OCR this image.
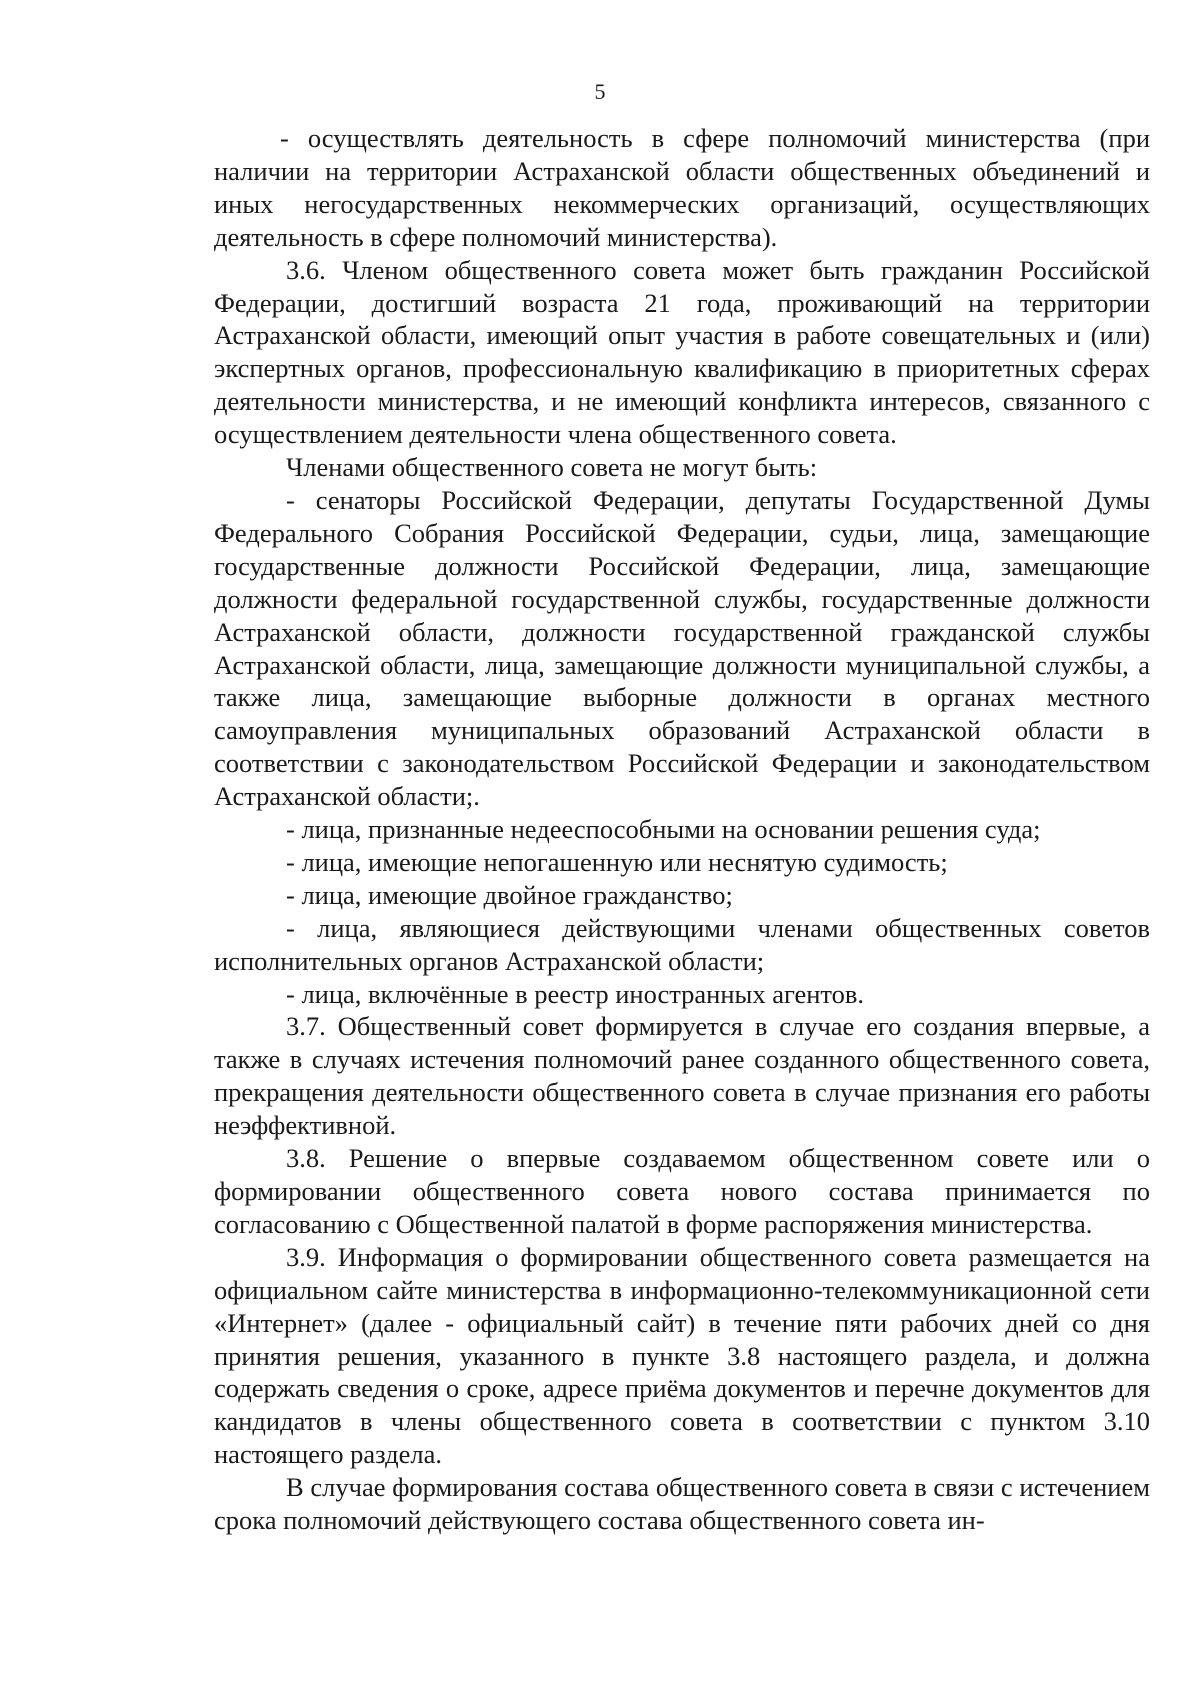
5

- осуществлять деятельность в сфере полномочий министерства (при наличии на территории Астраханской области общественных объединений и иных негосударственных некоммерческих организаций, осуществляющих деятельность в сфере полномочий министерства).

3.6. Членом общественного совета может быть гражданин Российской Федерации, достигший возраста 21 года, проживающий на территории Астраханской области, имеющий опыт участия в работе совещательных и (или) экспертных органов, профессиональную квалификацию в приоритетных сферах деятельности министерства, и не имеющий конфликта интересов, связанного с осуществлением деятельности члена общественного совета.

Членами общественного совета не могут быть:

- сенаторы Российской Федерации, депутаты Государственной Думы Федерального Собрания Российской Федерации, судьи, лица, замещающие государственные должности Российской Федерации, лица, замещающие должности федеральной государственной службы, государственные должности Астраханской области, должности государственной гражданской службы Астраханской области, лица, замещающие должности муниципальной службы, а также лица, замещающие выборные должности в органах местного самоуправления муниципальных образований Астраханской области в соответствии с законодательством Российской Федерации и законодательством Астраханской области;.

- лица, признанные недееспособными на основании решения суда;

- лица, имеющие непогашенную или неснятую судимость;

- лица, имеющие двойное гражданство;

- лица, являющиеся действующими членами общественных советов исполнительных органов Астраханской области;

- лица, включённые в реестр иностранных агентов.

3.7. Общественный совет формируется в случае его создания впервые, а также в случаях истечения полномочий ранее созданного общественного совета, прекращения деятельности общественного совета в случае признания его работы неэффективной.

3.8. Решение о впервые создаваемом общественном совете или о формировании общественного совета нового состава принимается по согласованию с Общественной палатой в форме распоряжения министерства.

3.9. Информация о формировании общественного совета размещается на официальном сайте министерства в информационно-телекоммуникационной сети «Интернет» (далее - официальный сайт) в течение пяти рабочих дней со дня принятия решения, указанного в пункте 3.8 настоящего раздела, и должна содержать сведения о сроке, адресе приёма документов и перечне документов для кандидатов в члены общественного совета в соответствии с пунктом 3.10 настоящего раздела.

В случае формирования состава общественного совета в связи с истечением срока полномочий действующего состава общественного совета ин-
